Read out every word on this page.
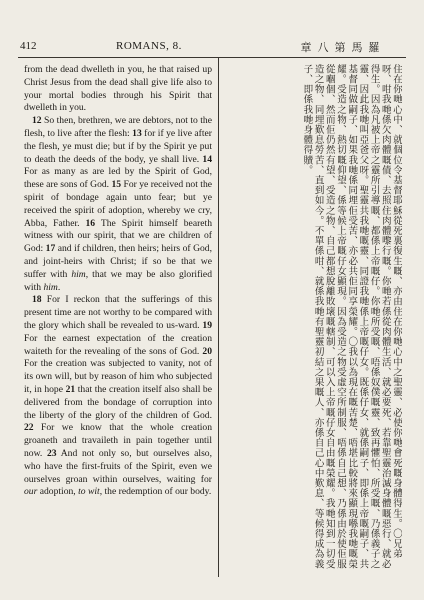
412	ROMANS, 8.	章八第馬羅

from the dead dwelleth in you, he that raised up Christ Jesus from the dead shall give life also to your mortal bodies through his Spirit that dwelleth in you.

12 So then, brethren, we are debtors, not to the flesh, to live after the flesh: 13 for if ye live after the flesh, ye must die; but if by the Spirit ye put to death the deeds of the body, ye shall live. 14 For as many as are led by the Spirit of God, these are sons of God. 15 For ye received not the spirit of bondage again unto fear; but ye received the spirit of adoption, whereby we cry, Abba, Father. 16 The Spirit himself beareth witness with our spirit, that we are children of God: 17 and if children, then heirs; heirs of God, and joint-heirs with Christ; if so be that we suffer with him, that we may be also glorified with him.

18 For I reckon that the sufferings of this present time are not worthy to be compared with the glory which shall be revealed to us-ward. 19 For the earnest expectation of the creation waiteth for the revealing of the sons of God. 20 For the creation was subjected to vanity, not of its own will, but by reason of him who subjected it, in hope 21 that the creation itself also shall be delivered from the bondage of corruption into the liberty of the glory of the children of God. 22 For we know that the whole creation groaneth and travaileth in pain together until now. 23 And not only so, but ourselves also, who have the first-fruits of the Spirit, even we ourselves groan within ourselves, waiting for our adoption, to wit, the redemption of our body.	住在你哋心中、就個位令基督耶穌從死裏復生嘅、亦由住在你哋心中之聖靈、必使你哋會死嘅身體得生。〇兄弟呀、咁我哋係欠肉體嘅債、去照住肉體嚟行嘅。你哋若係從肉體生活、就必要死、若靠聖靈治滅身體嘅惡行、就必得生。因為凡被上帝之靈所引導嘅、都係上帝嘅仔。你哋所受嘅、唔係奴僕嘅靈、致再懼怕、所受嘅、乃係義子之靈、因此我哋叫亞爸父呀。聖靈共我哋嘅靈、同證我哋係上帝嘅仔女。既係仔女、就係嗣子、即係上帝嘅嗣子、共基督同做嗣子、如果我哋係同埋佢受苦、亦必共佢同享榮耀。〇我以為現在嘅苦楚、唔堪比較將來顯現喺我哋嘅榮耀。受造之物、熱切嘅仰望、係等候上帝嘅仔女顯現。因為受造之物受虛空所制服、唔係自己想、乃係由於使佢服從嗰個、然而佢仍然有望、受造之物、自己都想脫離敗壞嘅轄制、可以入上帝嘅仔女自由嘅榮耀。我哋知到一切受造之物、同埋歎息勞苦、直到如今。不單係咁、就係我哋有聖靈初結之果嘅人、亦係自己心中歎息、等候得成為義子、即係我哋身體得贖。
